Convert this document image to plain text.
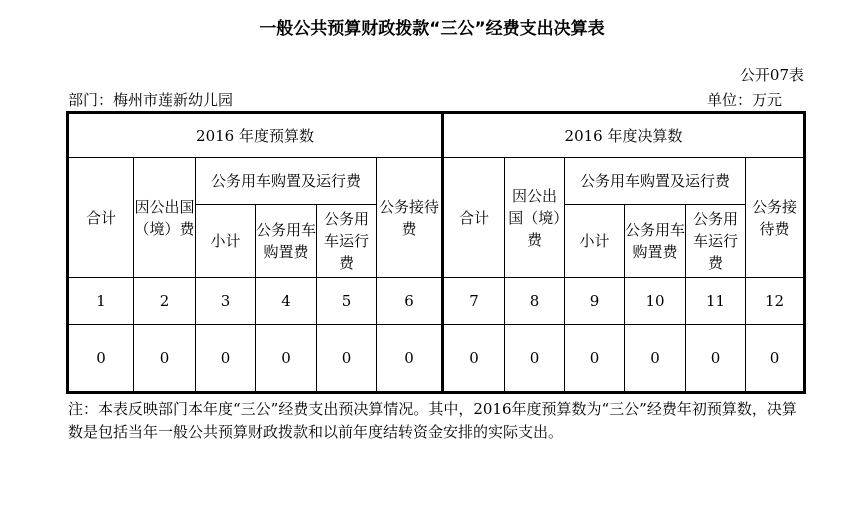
一般公共预算财政拨款“三公”经费支出决算表
公开07表
部门：梅州市莲新幼儿园	单位：万元
2016 年度预算数						2016 年度决算数					
合计	因公出国（境）费	公务用车购置及运行费			公务接待费	合计	因公出国（境）费	公务用车购置及运行费			公务接待费
		小计	公务用车购置费	公务用车运行费				小计	公务用车购置费	公务用车运行费	
1	2	3	4	5	6	7	8	9	10	11	12
0	0	0	0	0	0	0	0	0	0	0	0
注：本表反映部门本年度“三公”经费支出预决算情况。其中，2016年度预算数为“三公”经费年初预算数，决算数是包括当年一般公共预算财政拨款和以前年度结转资金安排的实际支出。
